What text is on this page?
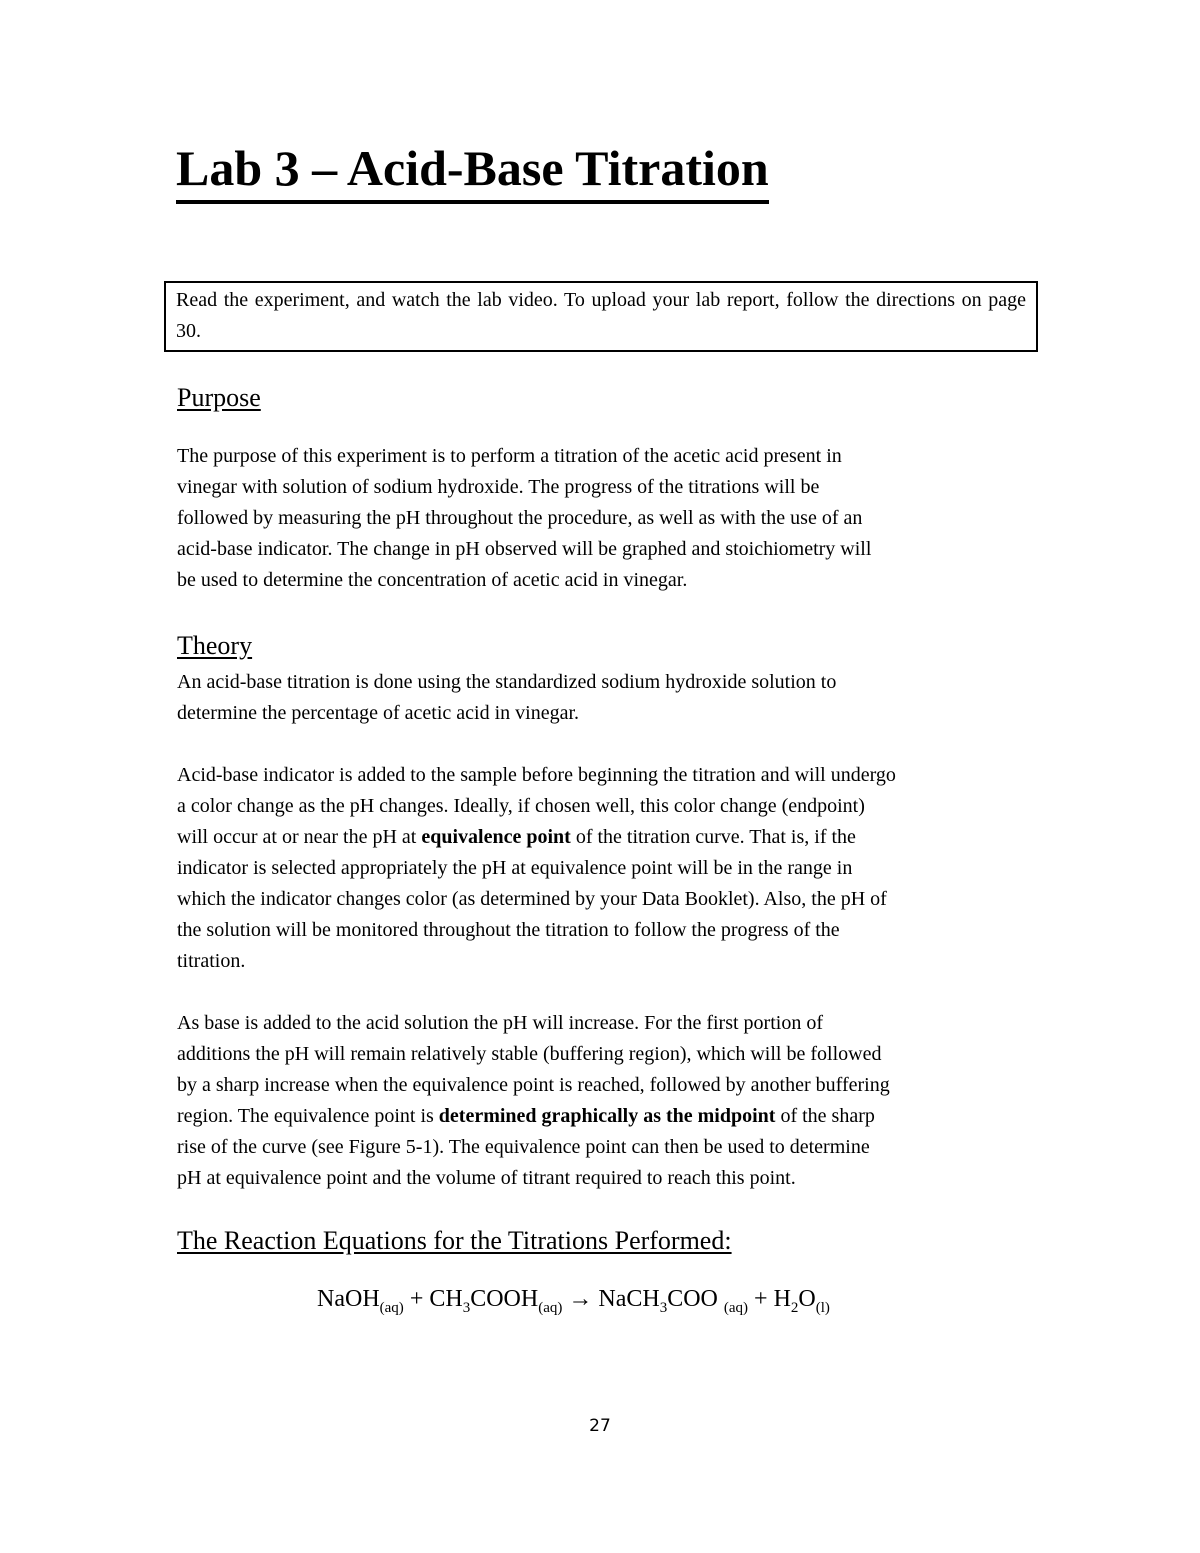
Lab 3 – Acid-Base Titration
Read the experiment, and watch the lab video. To upload your lab report, follow the directions on page 30.
Purpose

The purpose of this experiment is to perform a titration of the acetic acid present in
vinegar with solution of sodium hydroxide. The progress of the titrations will be
followed by measuring the pH throughout the procedure, as well as with the use of an
acid-base indicator. The change in pH observed will be graphed and stoichiometry will
be used to determine the concentration of acetic acid in vinegar.

Theory

An acid-base titration is done using the standardized sodium hydroxide solution to
determine the percentage of acetic acid in vinegar.

Acid-base indicator is added to the sample before beginning the titration and will undergo
a color change as the pH changes. Ideally, if chosen well, this color change (endpoint)
will occur at or near the pH at equivalence point of the titration curve. That is, if the
indicator is selected appropriately the pH at equivalence point will be in the range in
which the indicator changes color (as determined by your Data Booklet). Also, the pH of
the solution will be monitored throughout the titration to follow the progress of the
titration.

As base is added to the acid solution the pH will increase. For the first portion of
additions the pH will remain relatively stable (buffering region), which will be followed
by a sharp increase when the equivalence point is reached, followed by another buffering
region. The equivalence point is determined graphically as the midpoint of the sharp
rise of the curve (see Figure 5-1). The equivalence point can then be used to determine
pH at equivalence point and the volume of titrant required to reach this point.

The Reaction Equations for the Titrations Performed:

NaOH$_{(aq)}$ + $CH_3COOH_{(aq)}$ → NaCH$_3$COO $_{(aq)} + H_2O_{(l)}$

27
